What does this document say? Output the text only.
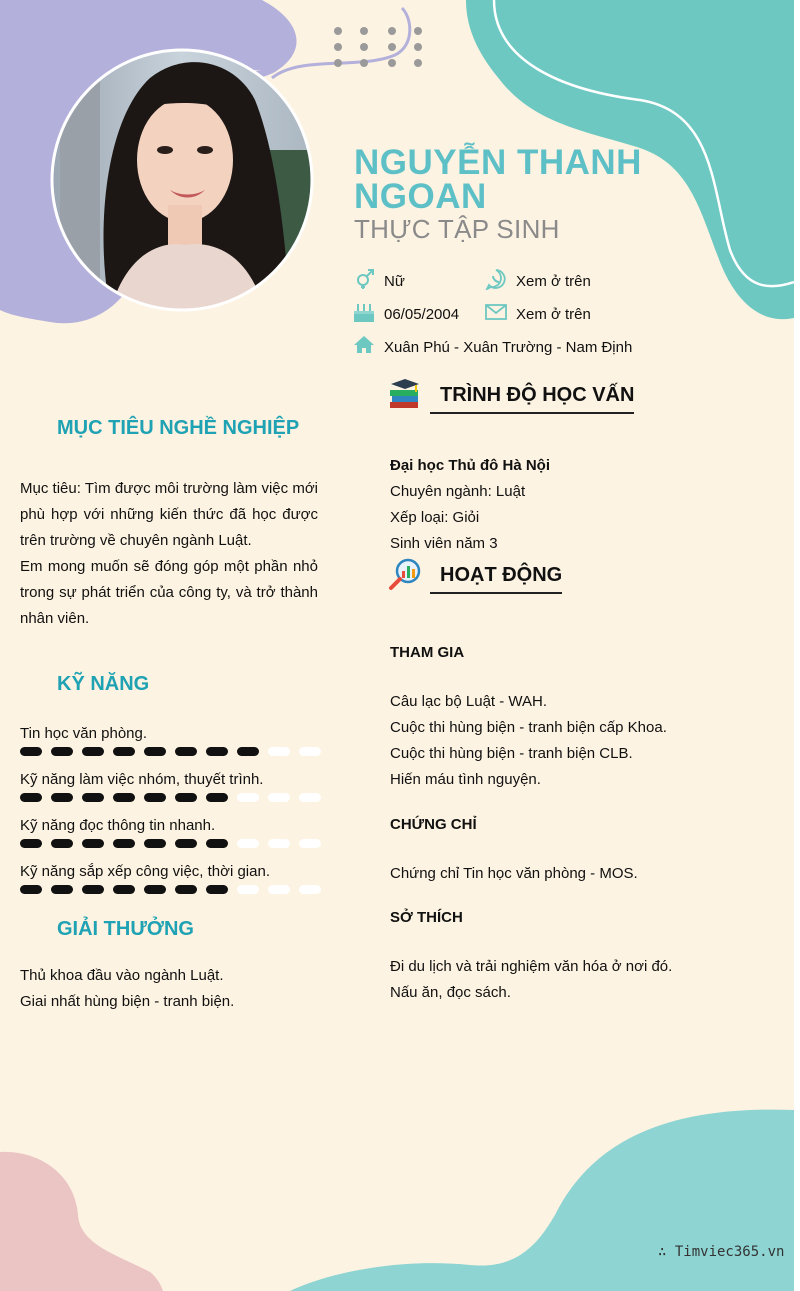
NGUYỄN THANH NGOAN
THỰC TẬP SINH
Nữ	Xem ở trên
06/05/2004	Xem ở trên
Xuân Phú - Xuân Trường - Nam Định
MỤC TIÊU NGHỀ NGHIỆP
Mục tiêu: Tìm được môi trường làm việc mới phù hợp với những kiến thức đã học được trên trường về chuyên ngành Luật.
Em mong muốn sẽ đóng góp một phần nhỏ trong sự phát triển của công ty, và trở thành nhân viên.
KỸ NĂNG
Tin học văn phòng.
Kỹ năng làm việc nhóm, thuyết trình.
Kỹ năng đọc thông tin nhanh.
Kỹ năng sắp xếp công việc, thời gian.
GIẢI THƯỞNG
Thủ khoa đầu vào ngành Luật.
Giai nhất hùng biện - tranh biện.
TRÌNH ĐỘ HỌC VẤN
Đại học Thủ đô Hà Nội
Chuyên ngành: Luật
Xếp loại: Giỏi
Sinh viên năm 3
HOẠT ĐỘNG
THAM GIA
Câu lạc bộ Luật - WAH.
Cuộc thi hùng biện - tranh biện cấp Khoa.
Cuộc thi hùng biện - tranh biện CLB.
Hiến máu tình nguyện.
CHỨNG CHỈ
Chứng chỉ Tin học văn phòng - MOS.
SỞ THÍCH
Đi du lịch và trải nghiệm văn hóa ở nơi đó.
Nấu ăn, đọc sách.
∴ Timviec365.vn
